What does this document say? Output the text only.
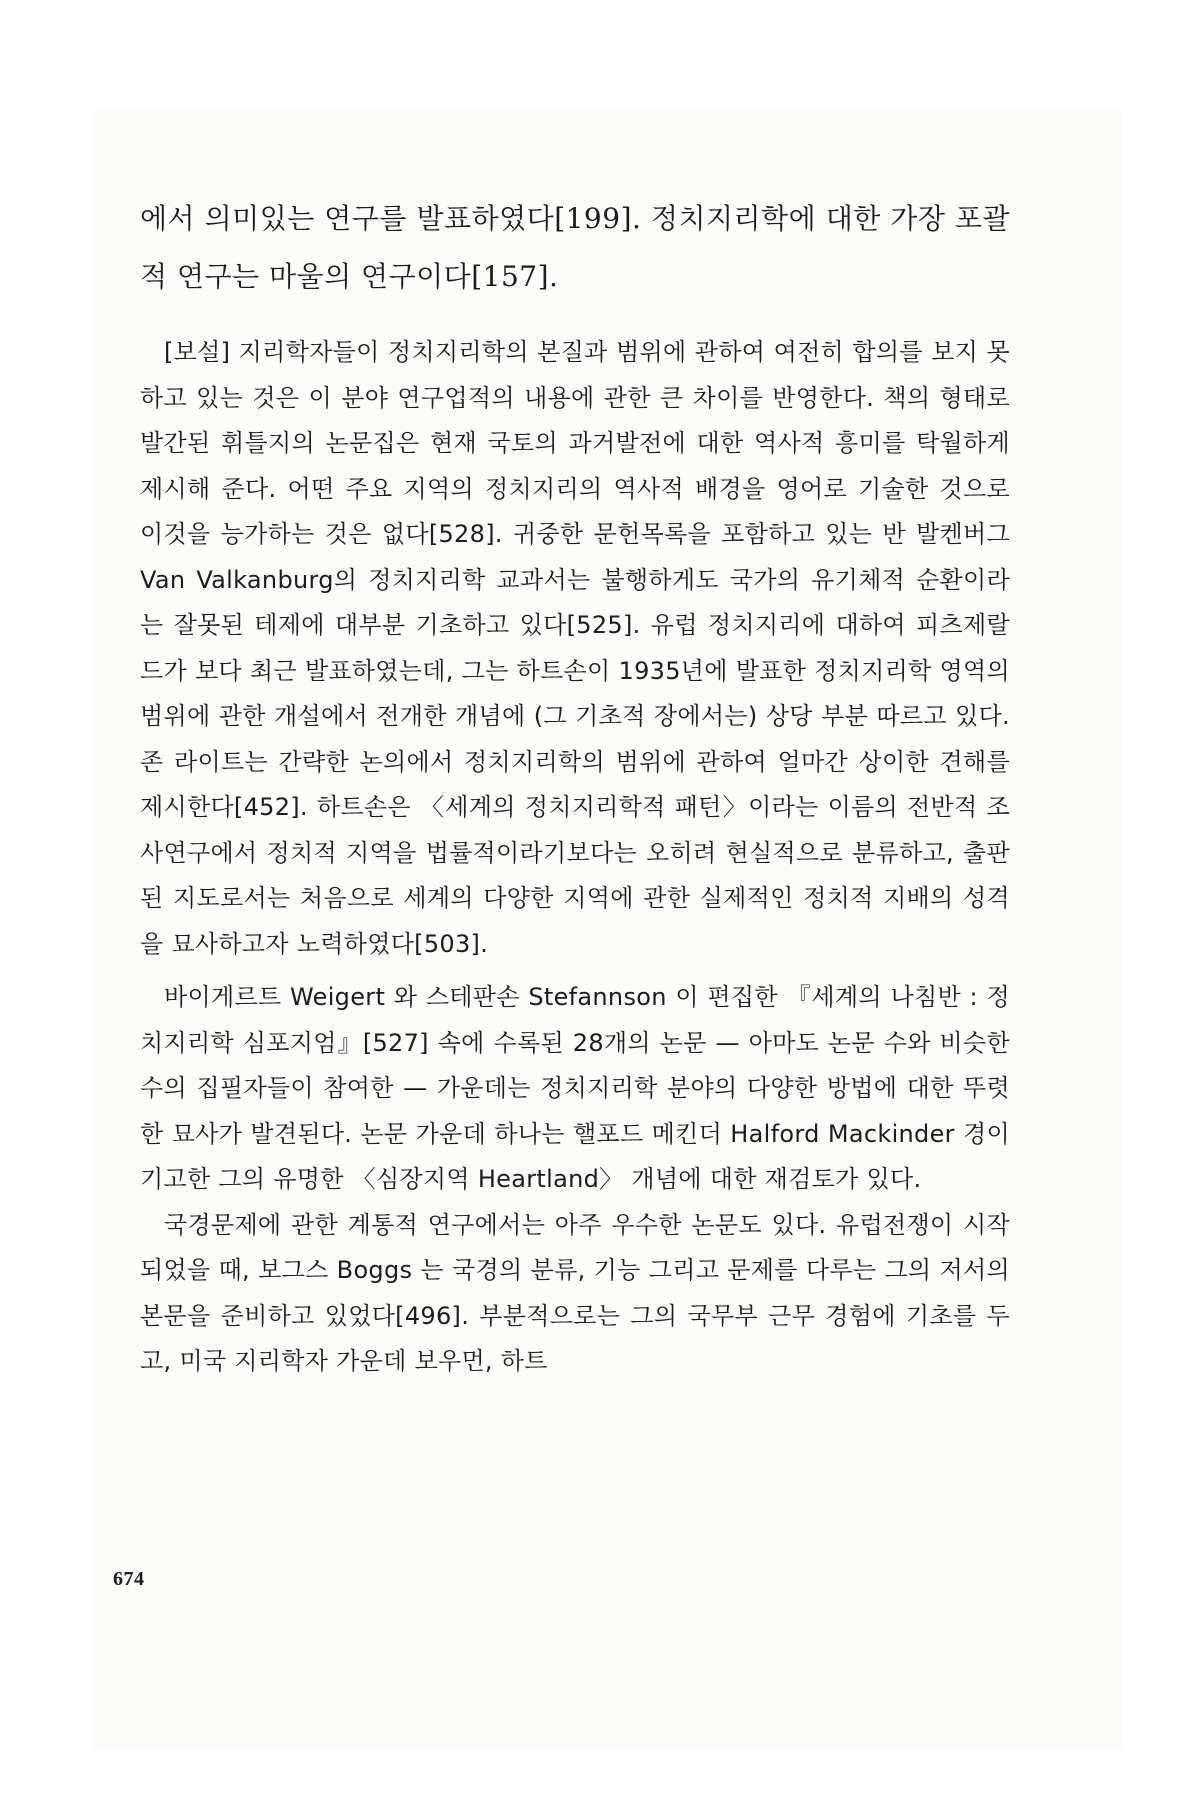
에서 의미있는 연구를 발표하였다[199]. 정치지리학에 대한 가장 포괄적 연구는 마울의 연구이다[157].

[보설] 지리학자들이 정치지리학의 본질과 범위에 관하여 여전히 합의를 보지 못하고 있는 것은 이 분야 연구업적의 내용에 관한 큰 차이를 반영한다. 책의 형태로 발간된 휘틀지의 논문집은 현재 국토의 과거발전에 대한 역사적 흥미를 탁월하게 제시해 준다. 어떤 주요 지역의 정치지리의 역사적 배경을 영어로 기술한 것으로 이것을 능가하는 것은 없다[528]. 귀중한 문헌목록을 포함하고 있는 반 발켄버그 Van Valkanburg의 정치지리학 교과서는 불행하게도 국가의 유기체적 순환이라는 잘못된 테제에 대부분 기초하고 있다[525]. 유럽 정치지리에 대하여 피츠제랄드가 보다 최근 발표하였는데, 그는 하트손이 1935년에 발표한 정치지리학 영역의 범위에 관한 개설에서 전개한 개념에 (그 기초적 장에서는) 상당 부분 따르고 있다. 존 라이트는 간략한 논의에서 정치지리학의 범위에 관하여 얼마간 상이한 견해를 제시한다[452]. 하트손은 〈세계의 정치지리학적 패턴〉이라는 이름의 전반적 조사연구에서 정치적 지역을 법률적이라기보다는 오히려 현실적으로 분류하고, 출판된 지도로서는 처음으로 세계의 다양한 지역에 관한 실제적인 정치적 지배의 성격을 묘사하고자 노력하였다[503].

바이게르트 Weigert 와 스테판손 Stefannson 이 편집한 『세계의 나침반 : 정치지리학 심포지엄』[527] 속에 수록된 28개의 논문 — 아마도 논문 수와 비슷한 수의 집필자들이 참여한 — 가운데는 정치지리학 분야의 다양한 방법에 대한 뚜렷한 묘사가 발견된다. 논문 가운데 하나는 핼포드 메킨더 Halford Mackinder 경이 기고한 그의 유명한 〈심장지역 Heartland〉 개념에 대한 재검토가 있다.

국경문제에 관한 계통적 연구에서는 아주 우수한 논문도 있다. 유럽전쟁이 시작되었을 때, 보그스 Boggs 는 국경의 분류, 기능 그리고 문제를 다루는 그의 저서의 본문을 준비하고 있었다[496]. 부분적으로는 그의 국무부 근무 경험에 기초를 두고, 미국 지리학자 가운데 보우먼, 하트

674
